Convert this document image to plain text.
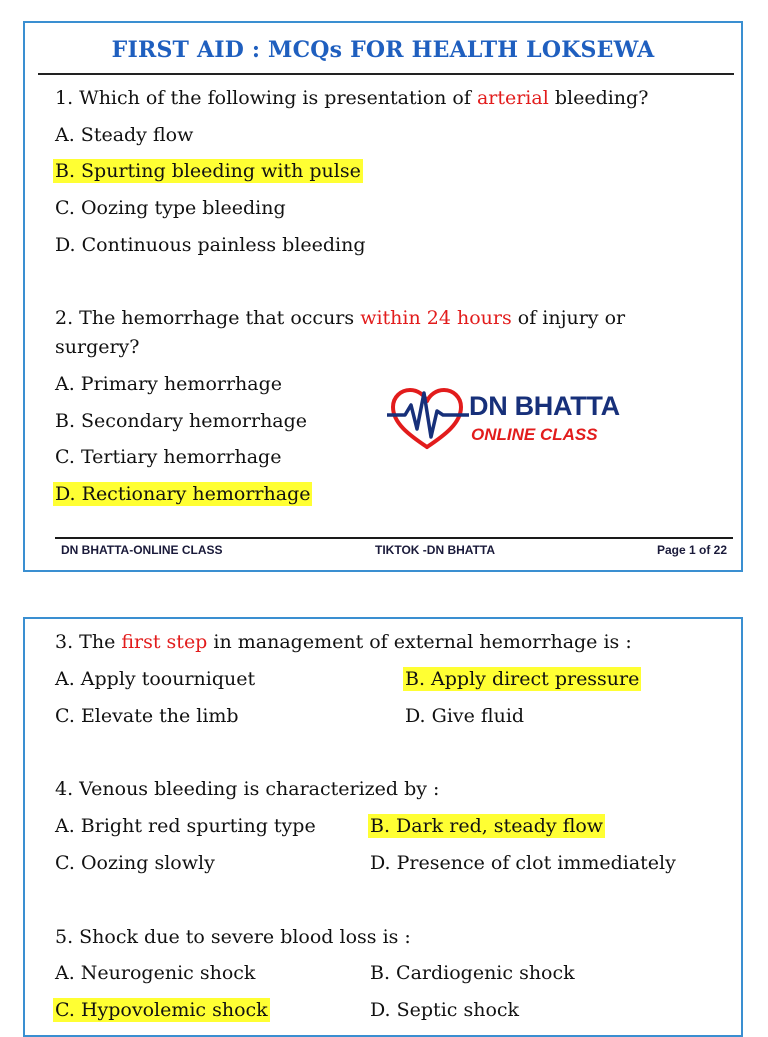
FIRST AID : MCQs FOR HEALTH LOKSEWA
1. Which of the following is presentation of arterial bleeding?
A. Steady flow
B. Spurting bleeding with pulse
C. Oozing type bleeding
D. Continuous painless bleeding
2. The hemorrhage that occurs within 24 hours of injury or
surgery?
A. Primary hemorrhage
B. Secondary hemorrhage
C. Tertiary hemorrhage
D. Rectionary hemorrhage
DN BHATTA
ONLINE CLASS
DN BHATTA-ONLINE CLASS	TIKTOK -DN BHATTA	Page 1 of 22
3. The first step in management of external hemorrhage is :
A. Apply toourniquet	B. Apply direct pressure
C. Elevate the limb	D. Give fluid
4. Venous bleeding is characterized by :
A. Bright red spurting type	B. Dark red, steady flow
C. Oozing slowly	D. Presence of clot immediately
5. Shock due to severe blood loss is :
A. Neurogenic shock	B. Cardiogenic shock
C. Hypovolemic shock	D. Septic shock
